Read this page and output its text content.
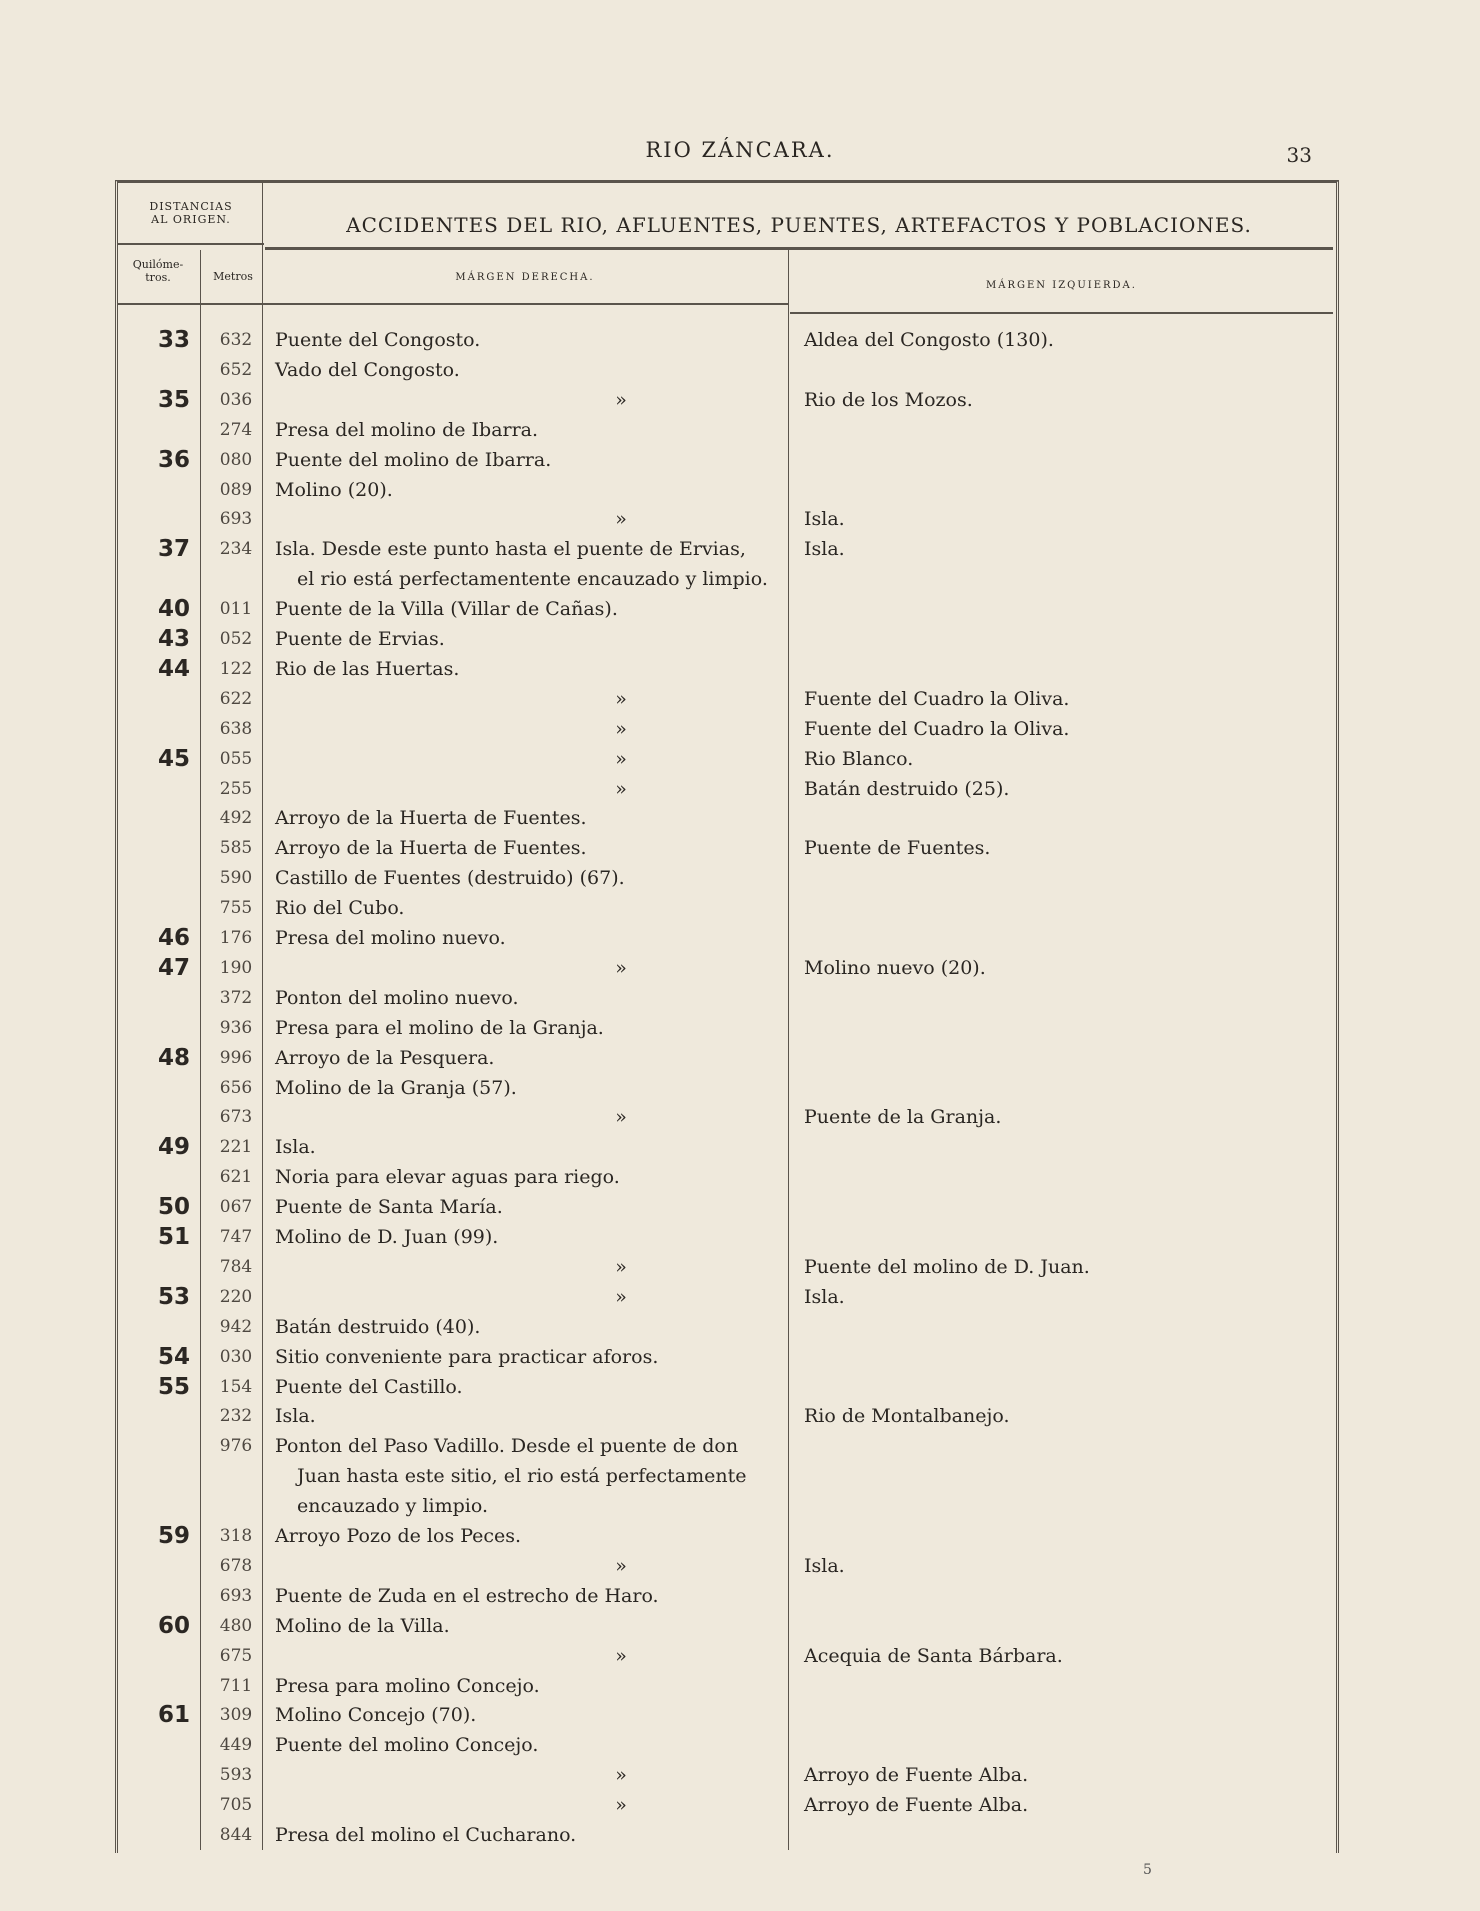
RIO ZÁNCARA.	33
DISTANCIAS
AL ORIGEN.	ACCIDENTES DEL RIO, AFLUENTES, PUENTES, ARTEFACTOS Y POBLACIONES.
Quilóme-
tros.	Metros	MÁRGEN DERECHA.
MÁRGEN IZQUIERDA.
33	632	Puente del Congosto.	Aldea del Congosto (130).
652	Vado del Congosto.
35	036	»	Rio de los Mozos.
274	Presa del molino de Ibarra.
36	080	Puente del molino de Ibarra.
089	Molino (20).
693	»	Isla.
37	234	Isla. Desde este punto hasta el puente de Ervias,	Isla.
el rio está perfectamentente encauzado y limpio.
40	011	Puente de la Villa (Villar de Cañas).
43	052	Puente de Ervias.
44	122	Rio de las Huertas.
622	»	Fuente del Cuadro la Oliva.
638	»	Fuente del Cuadro la Oliva.
45	055	»	Rio Blanco.
255	»	Batán destruido (25).
492	Arroyo de la Huerta de Fuentes.
585	Arroyo de la Huerta de Fuentes.	Puente de Fuentes.
590	Castillo de Fuentes (destruido) (67).
755	Rio del Cubo.
46	176	Presa del molino nuevo.
47	190	»	Molino nuevo (20).
372	Ponton del molino nuevo.
936	Presa para el molino de la Granja.
48	996	Arroyo de la Pesquera.
656	Molino de la Granja (57).
673	»	Puente de la Granja.
49	221	Isla.
621	Noria para elevar aguas para riego.
50	067	Puente de Santa María.
51	747	Molino de D. Juan (99).
784	»	Puente del molino de D. Juan.
53	220	»	Isla.
942	Batán destruido (40).
54	030	Sitio conveniente para practicar aforos.
55	154	Puente del Castillo.
232	Isla.	Rio de Montalbanejo.
976	Ponton del Paso Vadillo. Desde el puente de don
Juan hasta este sitio, el rio está perfectamente
encauzado y limpio.
59	318	Arroyo Pozo de los Peces.
678	»	Isla.
693	Puente de Zuda en el estrecho de Haro.
60	480	Molino de la Villa.
675	»	Acequia de Santa Bárbara.
711	Presa para molino Concejo.
61	309	Molino Concejo (70).
449	Puente del molino Concejo.
593	»	Arroyo de Fuente Alba.
705	»	Arroyo de Fuente Alba.
844	Presa del molino el Cucharano.
5
